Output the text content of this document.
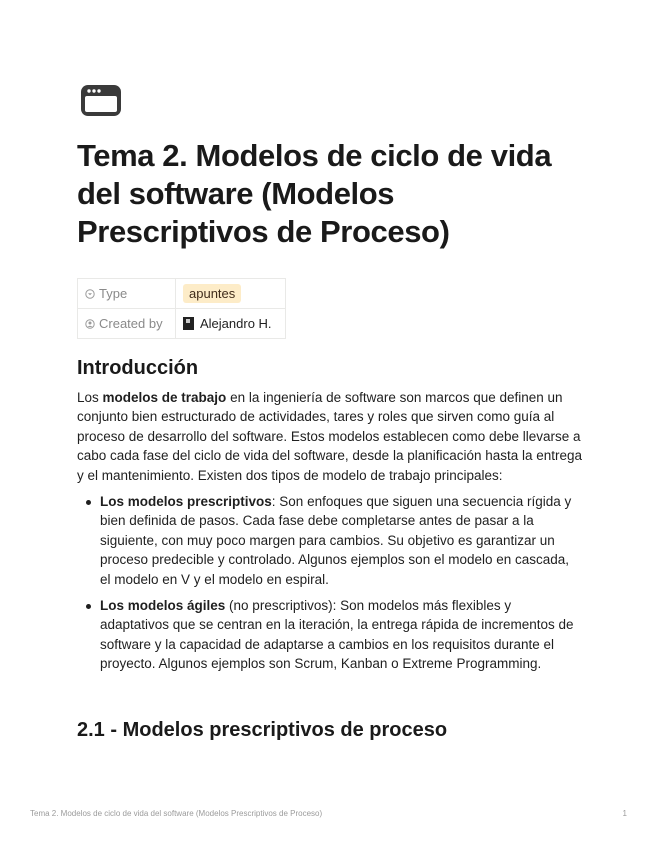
Tema 2. Modelos de ciclo de vida del software (Modelos Prescriptivos de Proceso)
Type	apuntes
Created by	Alejandro H.
Introducción

Los modelos de trabajo en la ingeniería de software son marcos que definen un conjunto bien estructurado de actividades, tares y roles que sirven como guía al proceso de desarrollo del software. Estos modelos establecen como debe llevarse a cabo cada fase del ciclo de vida del software, desde la planificación hasta la entrega y el mantenimiento. Existen dos tipos de modelo de trabajo principales:

Los modelos prescriptivos: Son enfoques que siguen una secuencia rígida y bien definida de pasos. Cada fase debe completarse antes de pasar a la siguiente, con muy poco margen para cambios. Su objetivo es garantizar un proceso predecible y controlado. Algunos ejemplos son el modelo en cascada, el modelo en V y el modelo en espiral.
Los modelos ágiles (no prescriptivos): Son modelos más flexibles y adaptativos que se centran en la iteración, la entrega rápida de incrementos de software y la capacidad de adaptarse a cambios en los requisitos durante el proyecto. Algunos ejemplos son Scrum, Kanban o Extreme Programming.
2.1 - Modelos prescriptivos de proceso
Tema 2. Modelos de ciclo de vida del software (Modelos Prescriptivos de Proceso)	1
